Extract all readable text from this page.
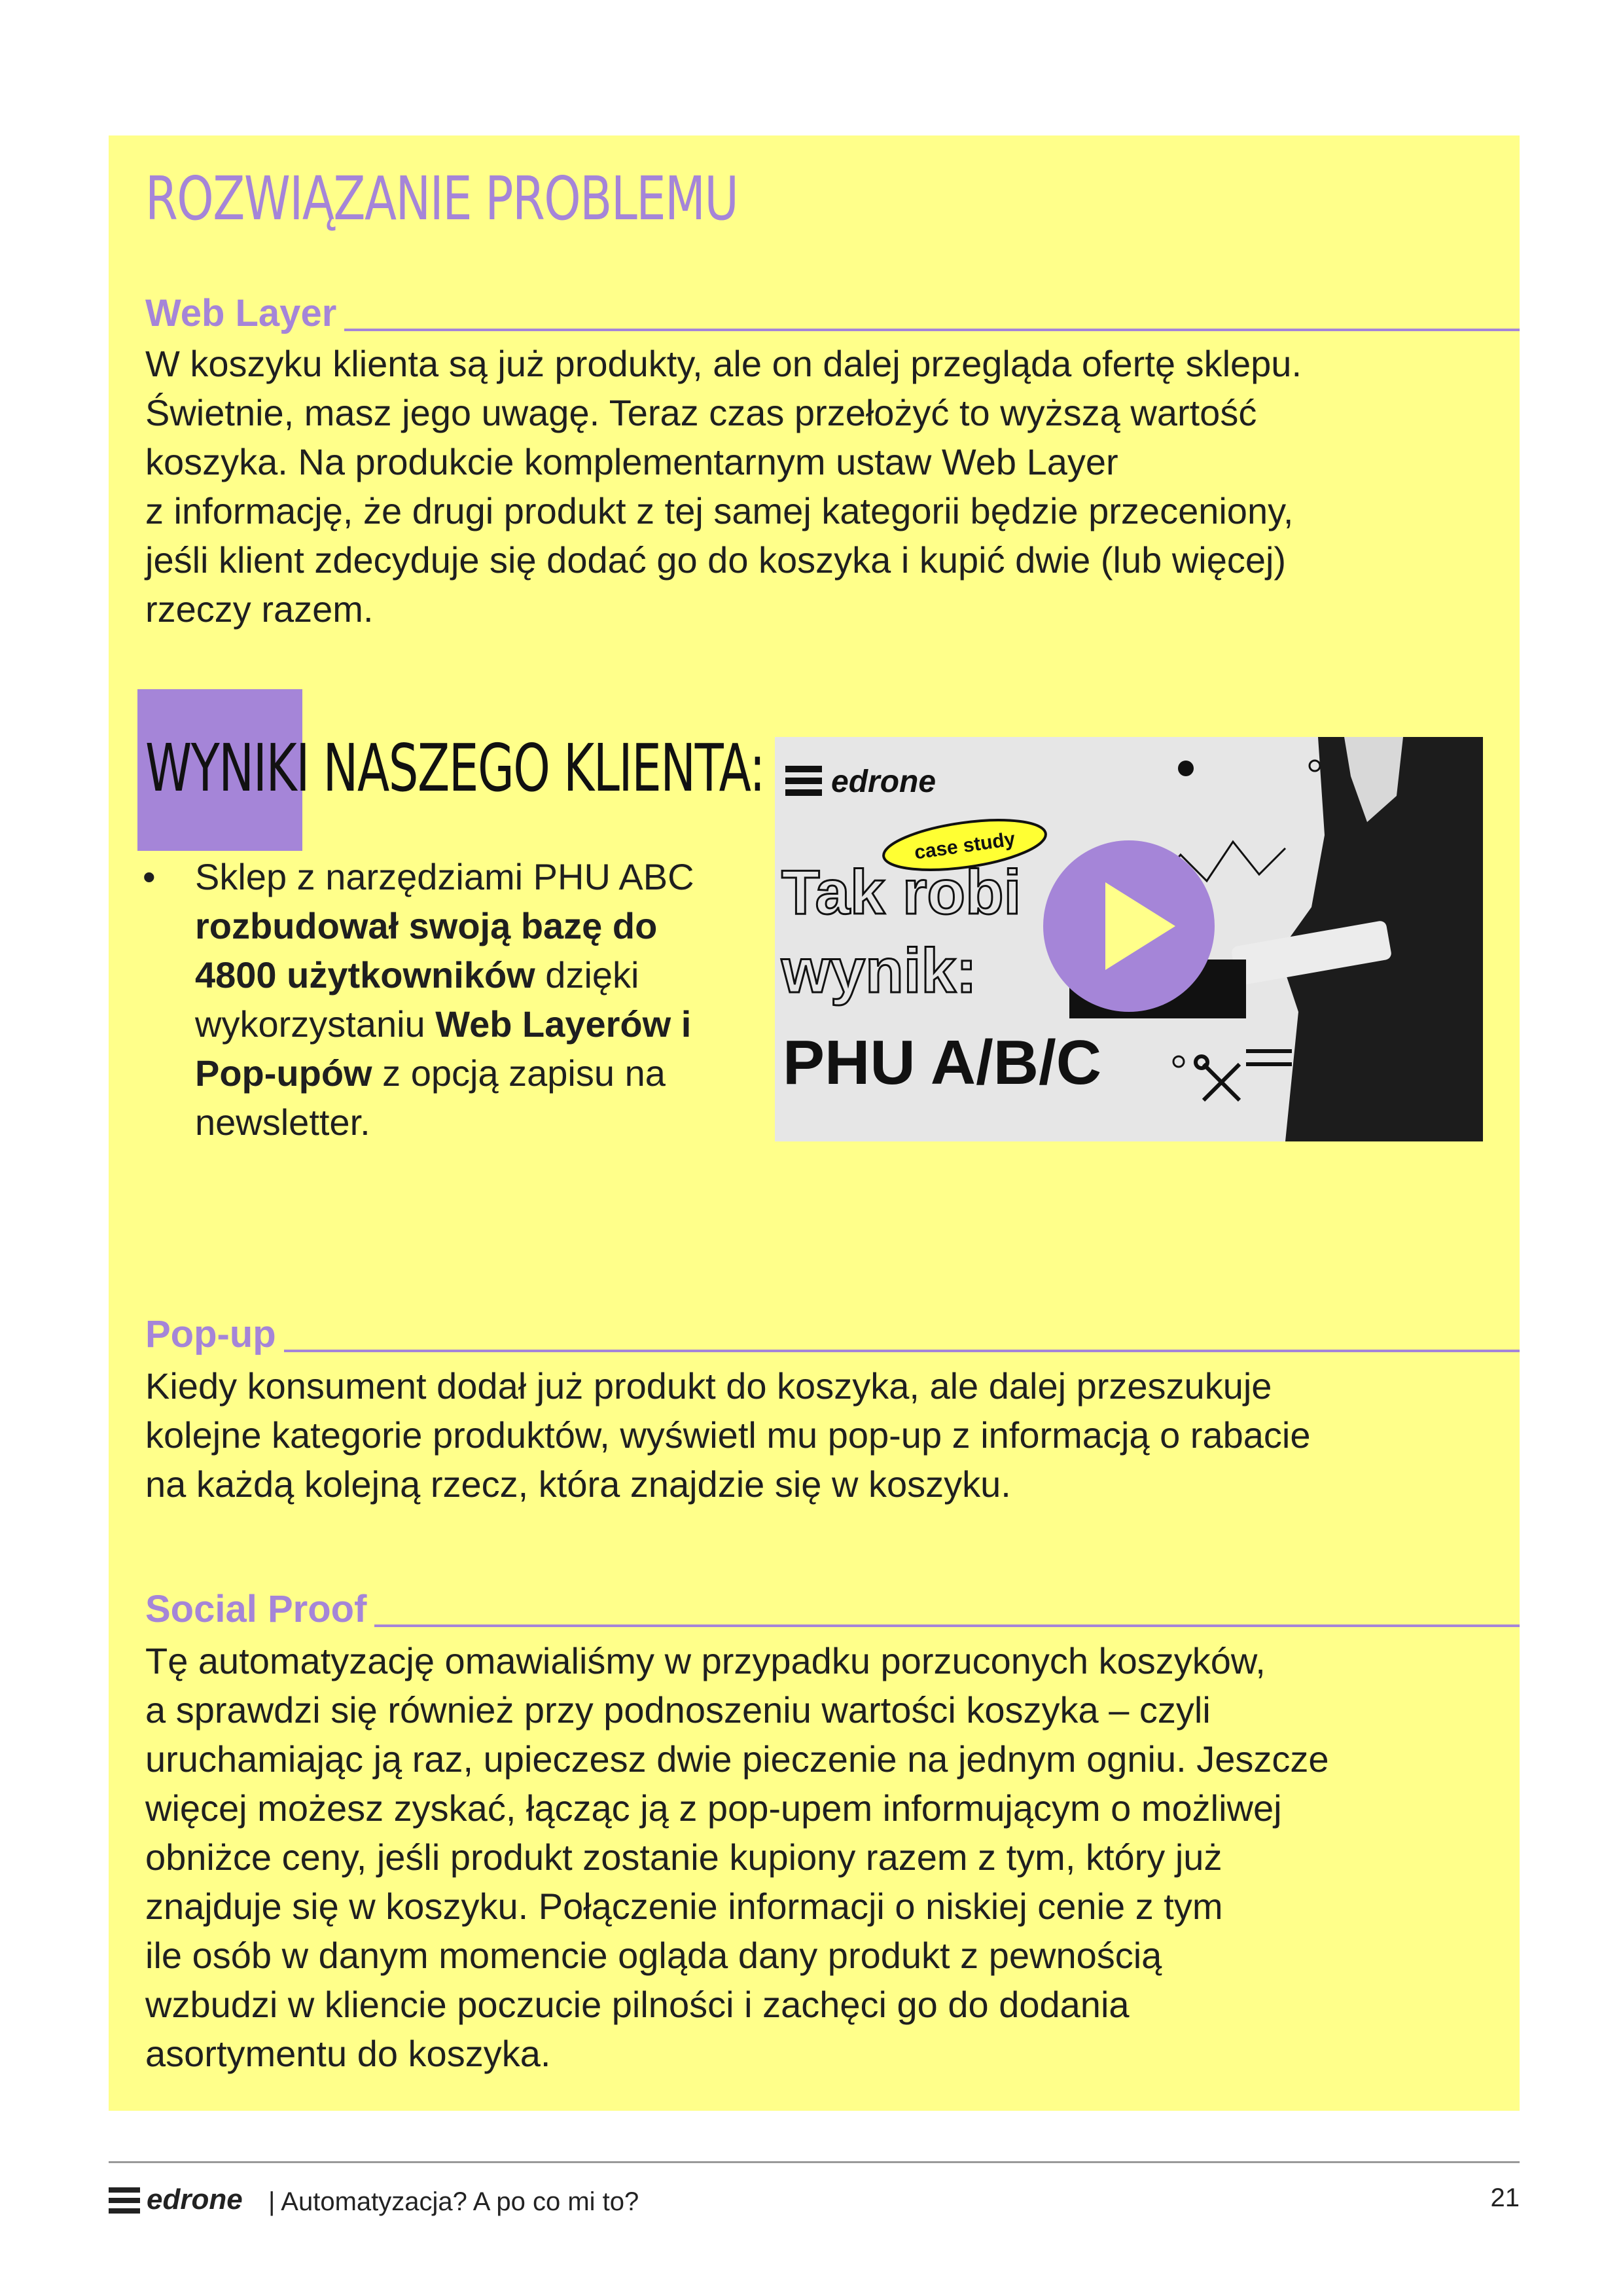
ROZWIĄZANIE PROBLEMU
Web Layer

W koszyku klienta są już produkty, ale on dalej przegląda ofertę sklepu.
Świetnie, masz jego uwagę. Teraz czas przełożyć to wyższą wartość
koszyka. Na produkcie komplementarnym ustaw Web Layer
z informację, że drugi produkt z tej samej kategorii będzie przeceniony,
jeśli klient zdecyduje się dodać go do koszyka i kupić dwie (lub więcej)
rzeczy razem.

WYNIKI NASZEGO KLIENTA:
• Sklep z narzędziami PHU ABC rozbudował swoją bazę do 4800 użytkowników dzięki wykorzystaniu Web Layerów i Pop-upów z opcją zapisu na newsletter.
edrone
case study
Tak robi
wynik:
PHU A/B/C
Pop-up

Kiedy konsument dodał już produkt do koszyka, ale dalej przeszukuje
kolejne kategorie produktów, wyświetl mu pop-up z informacją o rabacie
na każdą kolejną rzecz, która znajdzie się w koszyku.

Social Proof

Tę automatyzację omawialiśmy w przypadku porzuconych koszyków,
a sprawdzi się również przy podnoszeniu wartości koszyka – czyli
uruchamiając ją raz, upieczesz dwie pieczenie na jednym ogniu. Jeszcze
więcej możesz zyskać, łącząc ją z pop-upem informującym o możliwej
obniżce ceny, jeśli produkt zostanie kupiony razem z tym, który już
znajduje się w koszyku. Połączenie informacji o niskiej cenie z tym
ile osób w danym momencie ogląda dany produkt z pewnością
wzbudzi w kliencie poczucie pilności i zachęci go do dodania
asortymentu do koszyka.

edrone | Automatyzacja? A po co mi to?	21
